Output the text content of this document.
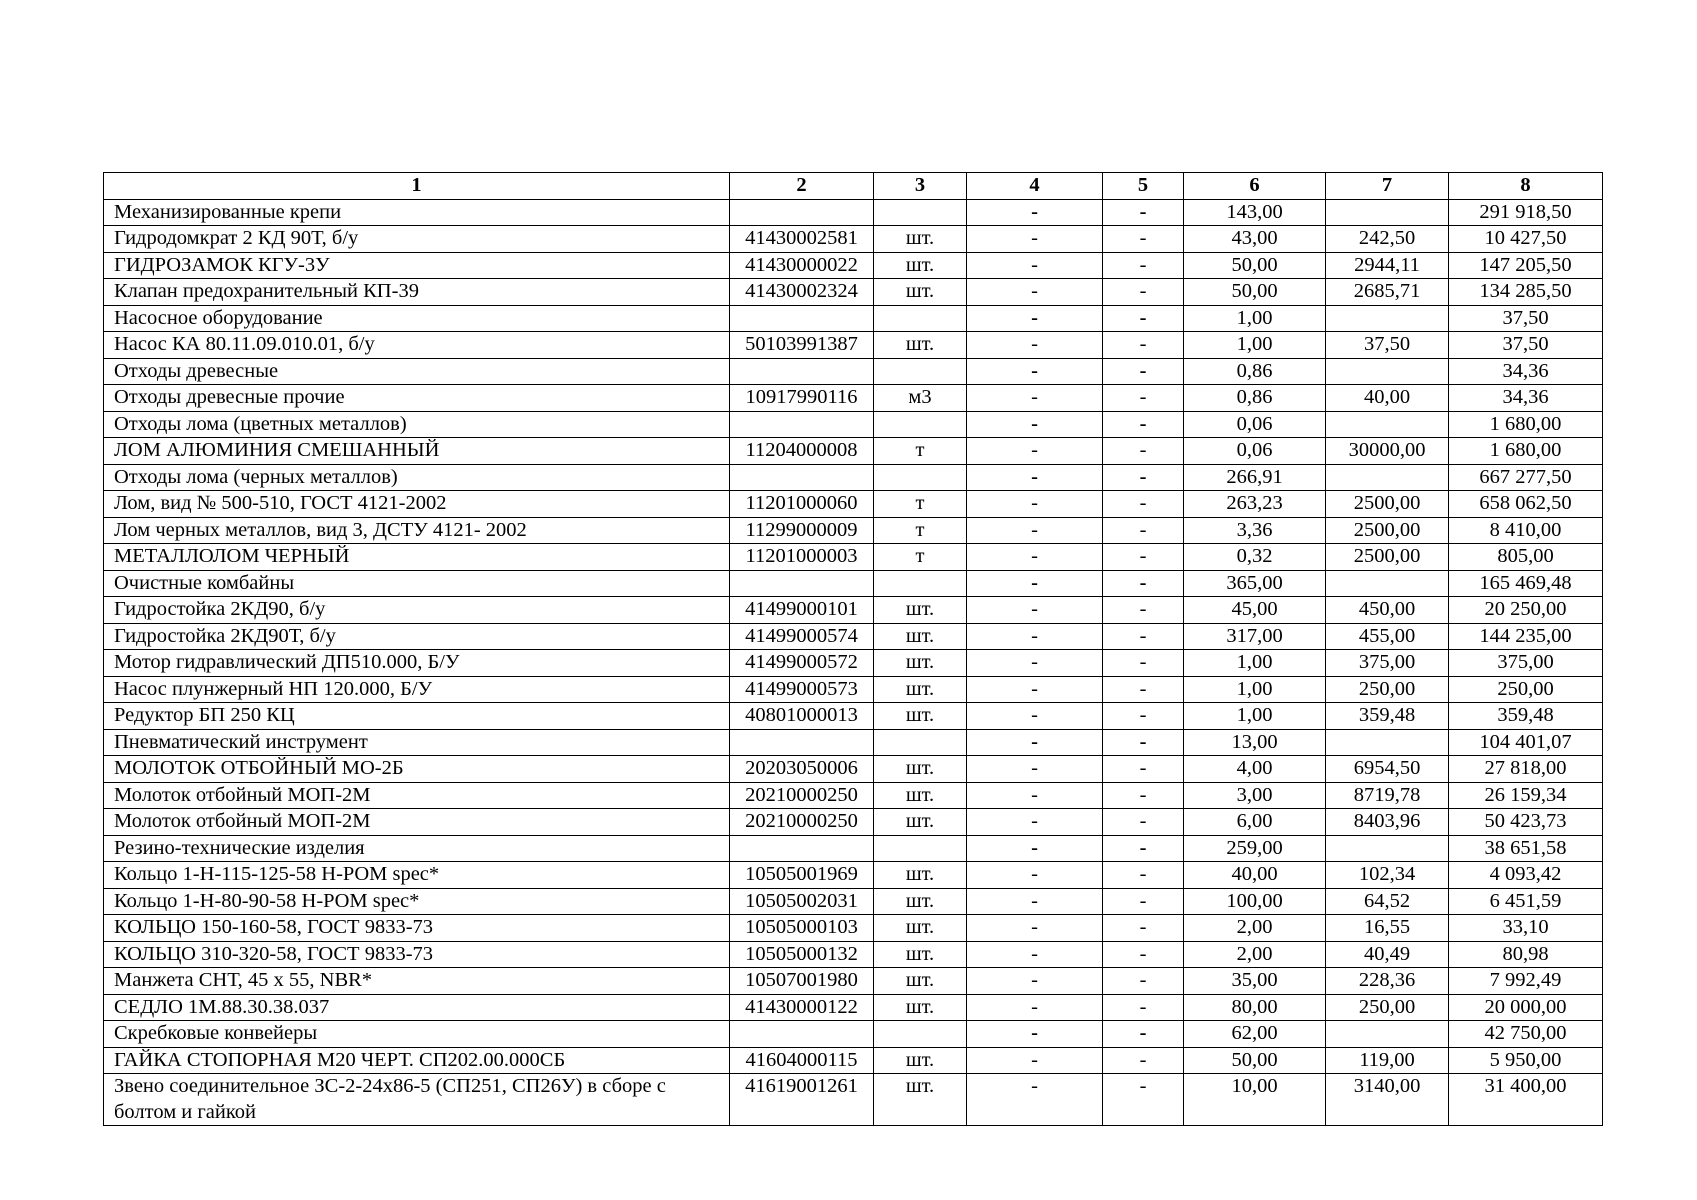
1	2	3	4	5	6	7	8
Механизированные крепи			-	-	143,00		291 918,50
Гидродомкрат 2 КД 90Т, б/у	41430002581	шт.	-	-	43,00	242,50	10 427,50
ГИДРОЗАМОК КГУ-3У	41430000022	шт.	-	-	50,00	2944,11	147 205,50
Клапан предохранительный КП-39	41430002324	шт.	-	-	50,00	2685,71	134 285,50
Насосное оборудование			-	-	1,00		37,50
Насос КА 80.11.09.010.01, б/у	50103991387	шт.	-	-	1,00	37,50	37,50
Отходы древесные			-	-	0,86		34,36
Отходы древесные прочие	10917990116	м3	-	-	0,86	40,00	34,36
Отходы лома (цветных металлов)			-	-	0,06		1 680,00
ЛОМ АЛЮМИНИЯ СМЕШАННЫЙ	11204000008	т	-	-	0,06	30000,00	1 680,00
Отходы лома (черных металлов)			-	-	266,91		667 277,50
Лом, вид № 500-510, ГОСТ 4121-2002	11201000060	т	-	-	263,23	2500,00	658 062,50
Лом черных металлов, вид 3, ДСТУ 4121- 2002	11299000009	т	-	-	3,36	2500,00	8 410,00
МЕТАЛЛОЛОМ ЧЕРНЫЙ	11201000003	т	-	-	0,32	2500,00	805,00
Очистные комбайны			-	-	365,00		165 469,48
Гидростойка 2КД90, б/у	41499000101	шт.	-	-	45,00	450,00	20 250,00
Гидростойка 2КД90Т, б/у	41499000574	шт.	-	-	317,00	455,00	144 235,00
Мотор гидравлический ДП510.000, Б/У	41499000572	шт.	-	-	1,00	375,00	375,00
Насос плунжерный НП 120.000, Б/У	41499000573	шт.	-	-	1,00	250,00	250,00
Редуктор БП 250 КЦ	40801000013	шт.	-	-	1,00	359,48	359,48
Пневматический инструмент			-	-	13,00		104 401,07
МОЛОТОК ОТБОЙНЫЙ МО-2Б	20203050006	шт.	-	-	4,00	6954,50	27 818,00
Молоток отбойный МОП-2М	20210000250	шт.	-	-	3,00	8719,78	26 159,34
Молоток отбойный МОП-2М	20210000250	шт.	-	-	6,00	8403,96	50 423,73
Резино-технические изделия			-	-	259,00		38 651,58
Кольцо 1-Н-115-125-58 H-POM spec*	10505001969	шт.	-	-	40,00	102,34	4 093,42
Кольцо 1-Н-80-90-58 H-POM spec*	10505002031	шт.	-	-	100,00	64,52	6 451,59
КОЛЬЦО 150-160-58, ГОСТ 9833-73	10505000103	шт.	-	-	2,00	16,55	33,10
КОЛЬЦО 310-320-58, ГОСТ 9833-73	10505000132	шт.	-	-	2,00	40,49	80,98
Манжета СНТ, 45 х 55, NBR*	10507001980	шт.	-	-	35,00	228,36	7 992,49
СЕДЛО 1М.88.30.38.037	41430000122	шт.	-	-	80,00	250,00	20 000,00
Скребковые конвейеры			-	-	62,00		42 750,00
ГАЙКА СТОПОРНАЯ М20 ЧЕРТ. СП202.00.000СБ	41604000115	шт.	-	-	50,00	119,00	5 950,00
Звено соединительное ЗС-2-24х86-5 (СП251, СП26У) в сборе с болтом и гайкой	41619001261	шт.	-	-	10,00	3140,00	31 400,00
